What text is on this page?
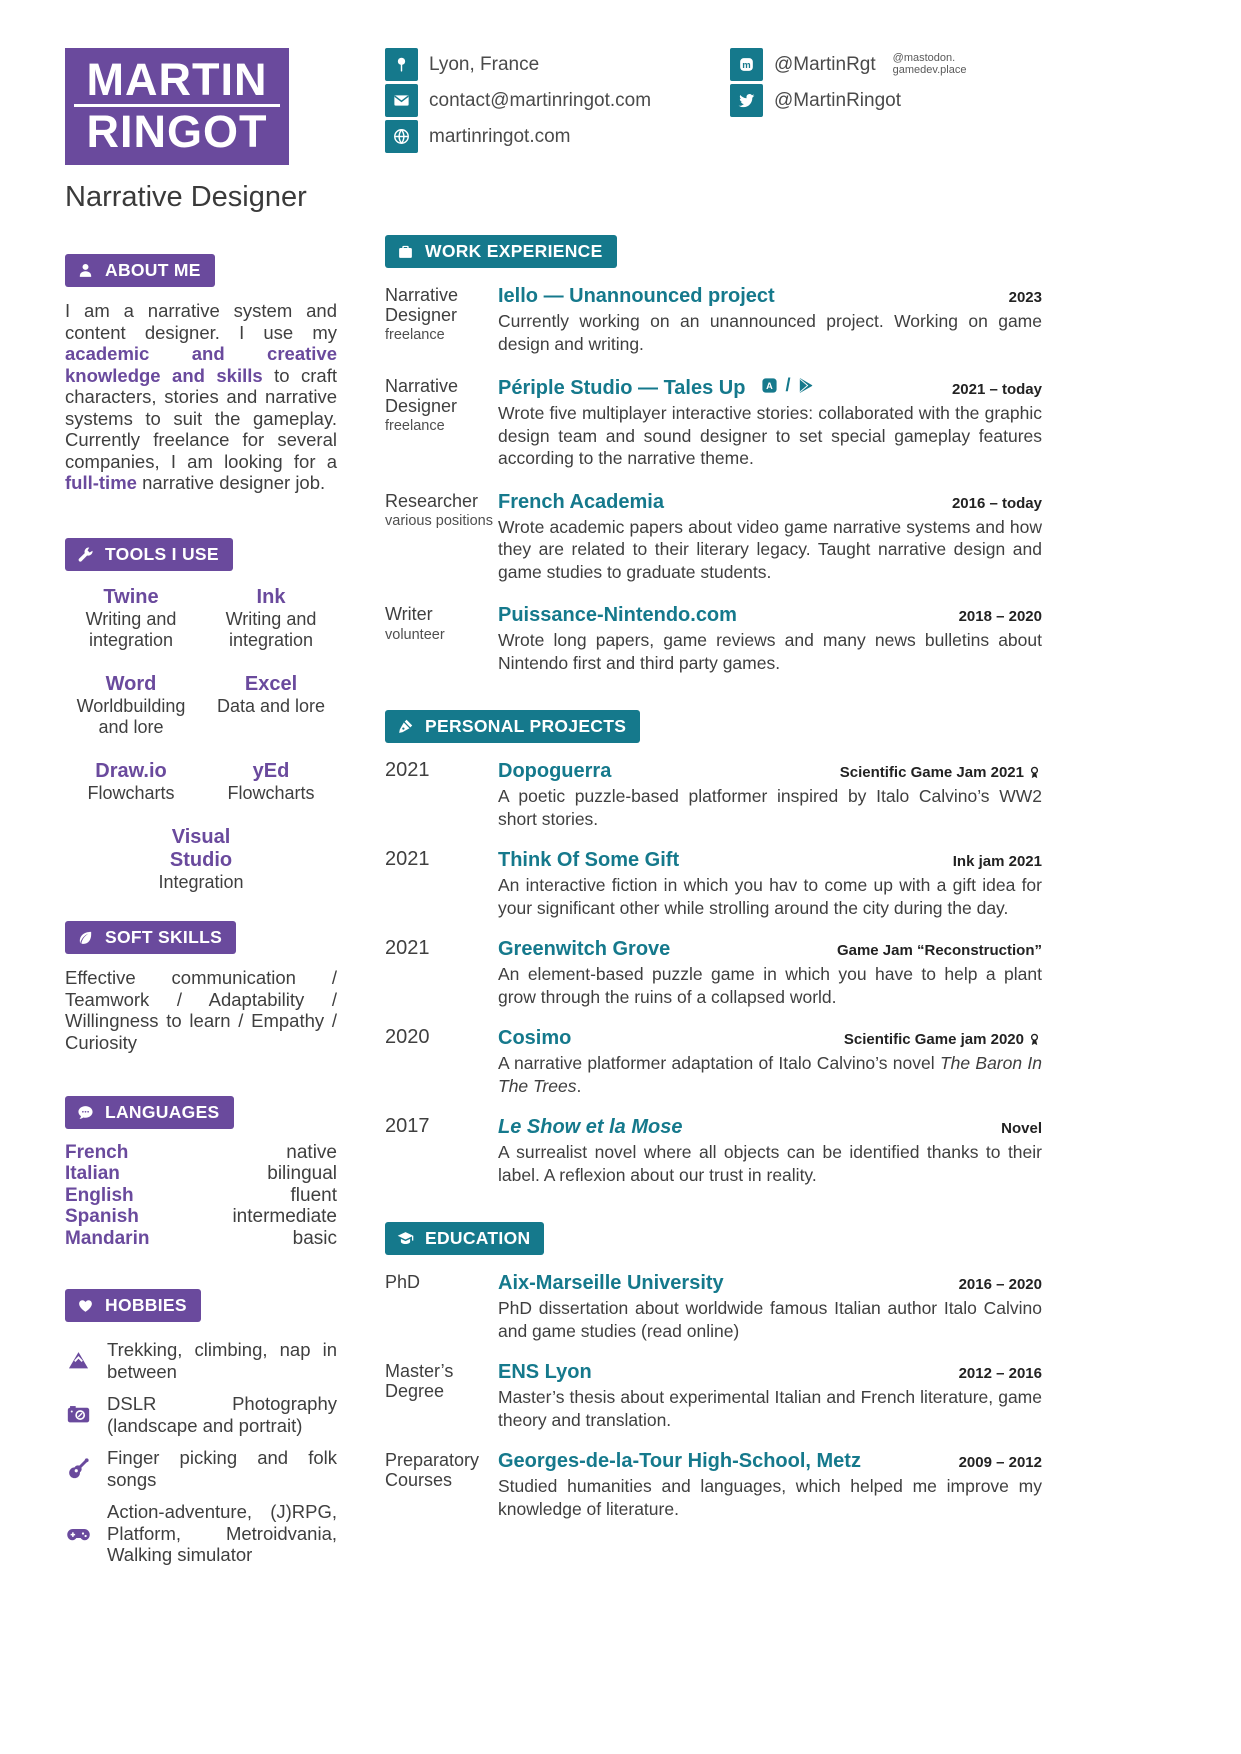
MARTIN
RINGOT
Narrative Designer
ABOUT ME

I am a narrative system and content designer. I use my academic and creative knowledge and skills to craft characters, stories and narrative systems to suit the gameplay. Currently freelance for several companies, I am looking for a full-time narrative designer job.

TOOLS I USE
Twine
Writing and integration
Ink
Writing and integration
Word
Worldbuilding and lore
Excel
Data and lore
Draw.io
Flowcharts
yEd
Flowcharts
Visual Studio
Integration
SOFT SKILLS

Effective communication / Teamwork / Adaptability / Willingness to learn / Empathy / Curiosity

LANGUAGES
French	native
Italian	bilingual
English	fluent
Spanish	intermediate
Mandarin	basic
HOBBIES
Trekking, climbing, nap in between
DSLR Photography (landscape and portrait)
Finger picking and folk songs
Action-adventure, (J)RPG, Platform, Metroidvania, Walking simulator
Lyon, France
contact@martinringot.com
martinringot.com
m @MartinRgt @mastodon.
gamedev.place
@MartinRingot
WORK EXPERIENCE
Narrative Designer
freelance
Iello — Unannounced project	2023
Currently working on an unannounced project. Working on game design and writing.
Narrative Designer
freelance
Périple Studio — Tales Up A /	2021 – today
Wrote five multiplayer interactive stories: collaborated with the graphic design team and sound designer to set special gameplay features according to the narrative theme.
Researcher
various positions
French Academia	2016 – today
Wrote academic papers about video game narrative systems and how they are related to their literary legacy. Taught narrative design and game studies to graduate students.
Writer
volunteer
Puissance-Nintendo.com	2018 – 2020
Wrote long papers, game reviews and many news bulletins about Nintendo first and third party games.
PERSONAL PROJECTS
2021	Dopoguerra	Scientific Game Jam 2021
A poetic puzzle-based platformer inspired by Italo Calvino’s WW2 short stories.
2021	Think Of Some Gift	Ink jam 2021
An interactive fiction in which you hav to come up with a gift idea for your significant other while strolling around the city during the day.
2021	Greenwitch Grove	Game Jam “Reconstruction”
An element-based puzzle game in which you have to help a plant grow through the ruins of a collapsed world.
2020	Cosimo	Scientific Game jam 2020
A narrative platformer adaptation of Italo Calvino’s novel The Baron In The Trees.
2017	Le Show et la Mose	Novel
A surrealist novel where all objects can be identified thanks to their label. A reflexion about our trust in reality.
EDUCATION
PhD	Aix-Marseille University	2016 – 2020
PhD dissertation about worldwide famous Italian author Italo Calvino and game studies (read online)
Master’s Degree
ENS Lyon	2012 – 2016
Master’s thesis about experimental Italian and French literature, game theory and translation.
Preparatory Courses
Georges-de-la-Tour High-School, Metz	2009 – 2012
Studied humanities and languages, which helped me improve my knowledge of literature.
